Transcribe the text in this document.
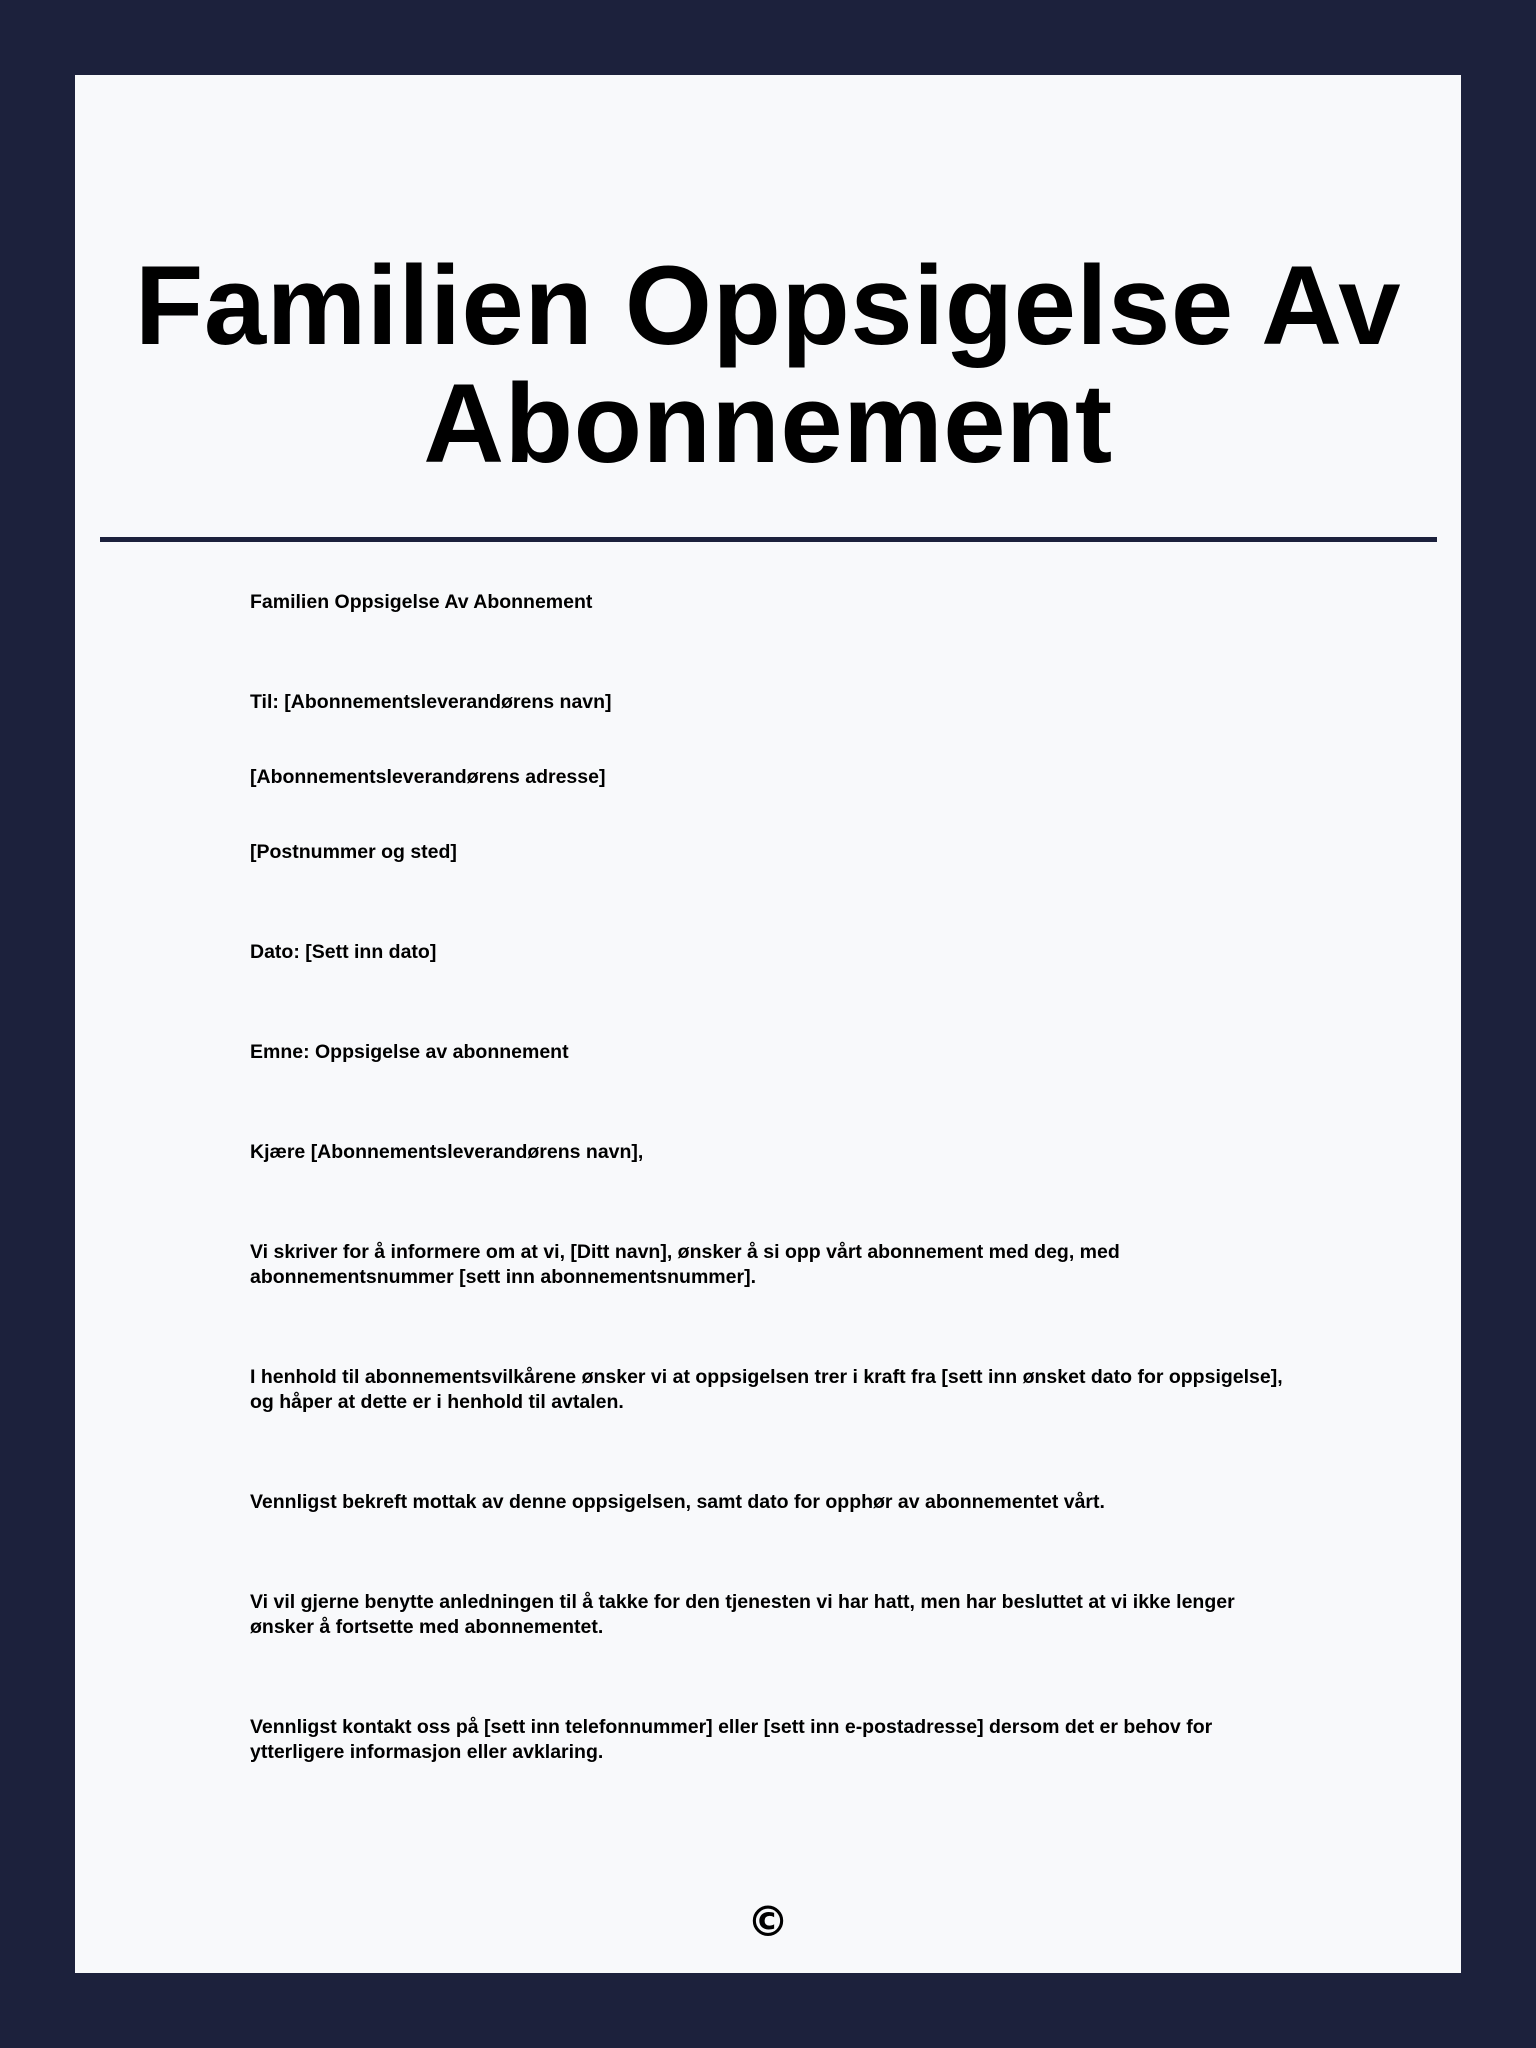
Familien Oppsigelse Av Abonnement

Familien Oppsigelse Av Abonnement

Til: [Abonnementsleverandørens navn]

[Abonnementsleverandørens adresse]

[Postnummer og sted]

Dato: [Sett inn dato]

Emne: Oppsigelse av abonnement

Kjære [Abonnementsleverandørens navn],

Vi skriver for å informere om at vi, [Ditt navn], ønsker å si opp vårt abonnement med deg, med abonnementsnummer [sett inn abonnementsnummer].

I henhold til abonnementsvilkårene ønsker vi at oppsigelsen trer i kraft fra [sett inn ønsket dato for oppsigelse], og håper at dette er i henhold til avtalen.

Vennligst bekreft mottak av denne oppsigelsen, samt dato for opphør av abonnementet vårt.

Vi vil gjerne benytte anledningen til å takke for den tjenesten vi har hatt, men har besluttet at vi ikke lenger ønsker å fortsette med abonnementet.

Vennligst kontakt oss på [sett inn telefonnummer] eller [sett inn e-postadresse] dersom det er behov for ytterligere informasjon eller avklaring.

©
